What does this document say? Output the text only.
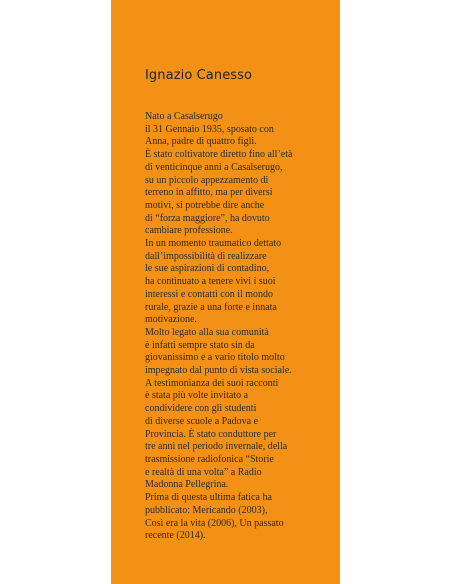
Ignazio Canesso
Nato a Casalserugo
il 31 Gennaio 1935, sposato con
Anna, padre di quattro figli.
È stato coltivatore diretto fino all’età
di venticinque anni a Casalserugo,
su un piccolo appezzamento di
terreno in affitto, ma per diversi
motivi, si potrebbe dire anche
di “forza maggiore”, ha dovuto
cambiare professione.
In un momento traumatico dettato
dall’impossibilità di realizzare
le sue aspirazioni di contadino,
ha continuato a tenere vivi i suoi
interessi e contatti con il mondo
rurale, grazie a una forte e innata
motivazione.
Molto legato alla sua comunità
è infatti sempre stato sin da
giovanissimo e a vario titolo molto
impegnato dal punto di vista sociale.
A testimonianza dei suoi racconti
è stata più volte invitato a
condividere con gli studenti
di diverse scuole a Padova e
Provincia. È stato conduttore per
tre anni nel periodo invernale, della
trasmissione radiofonica “Storie
e realtà di una volta” a Radio
Madonna Pellegrina.
Prima di questa ultima fatica ha
pubblicato: Mericando (2003),
Così era la vita (2006), Un passato
recente (2014).
